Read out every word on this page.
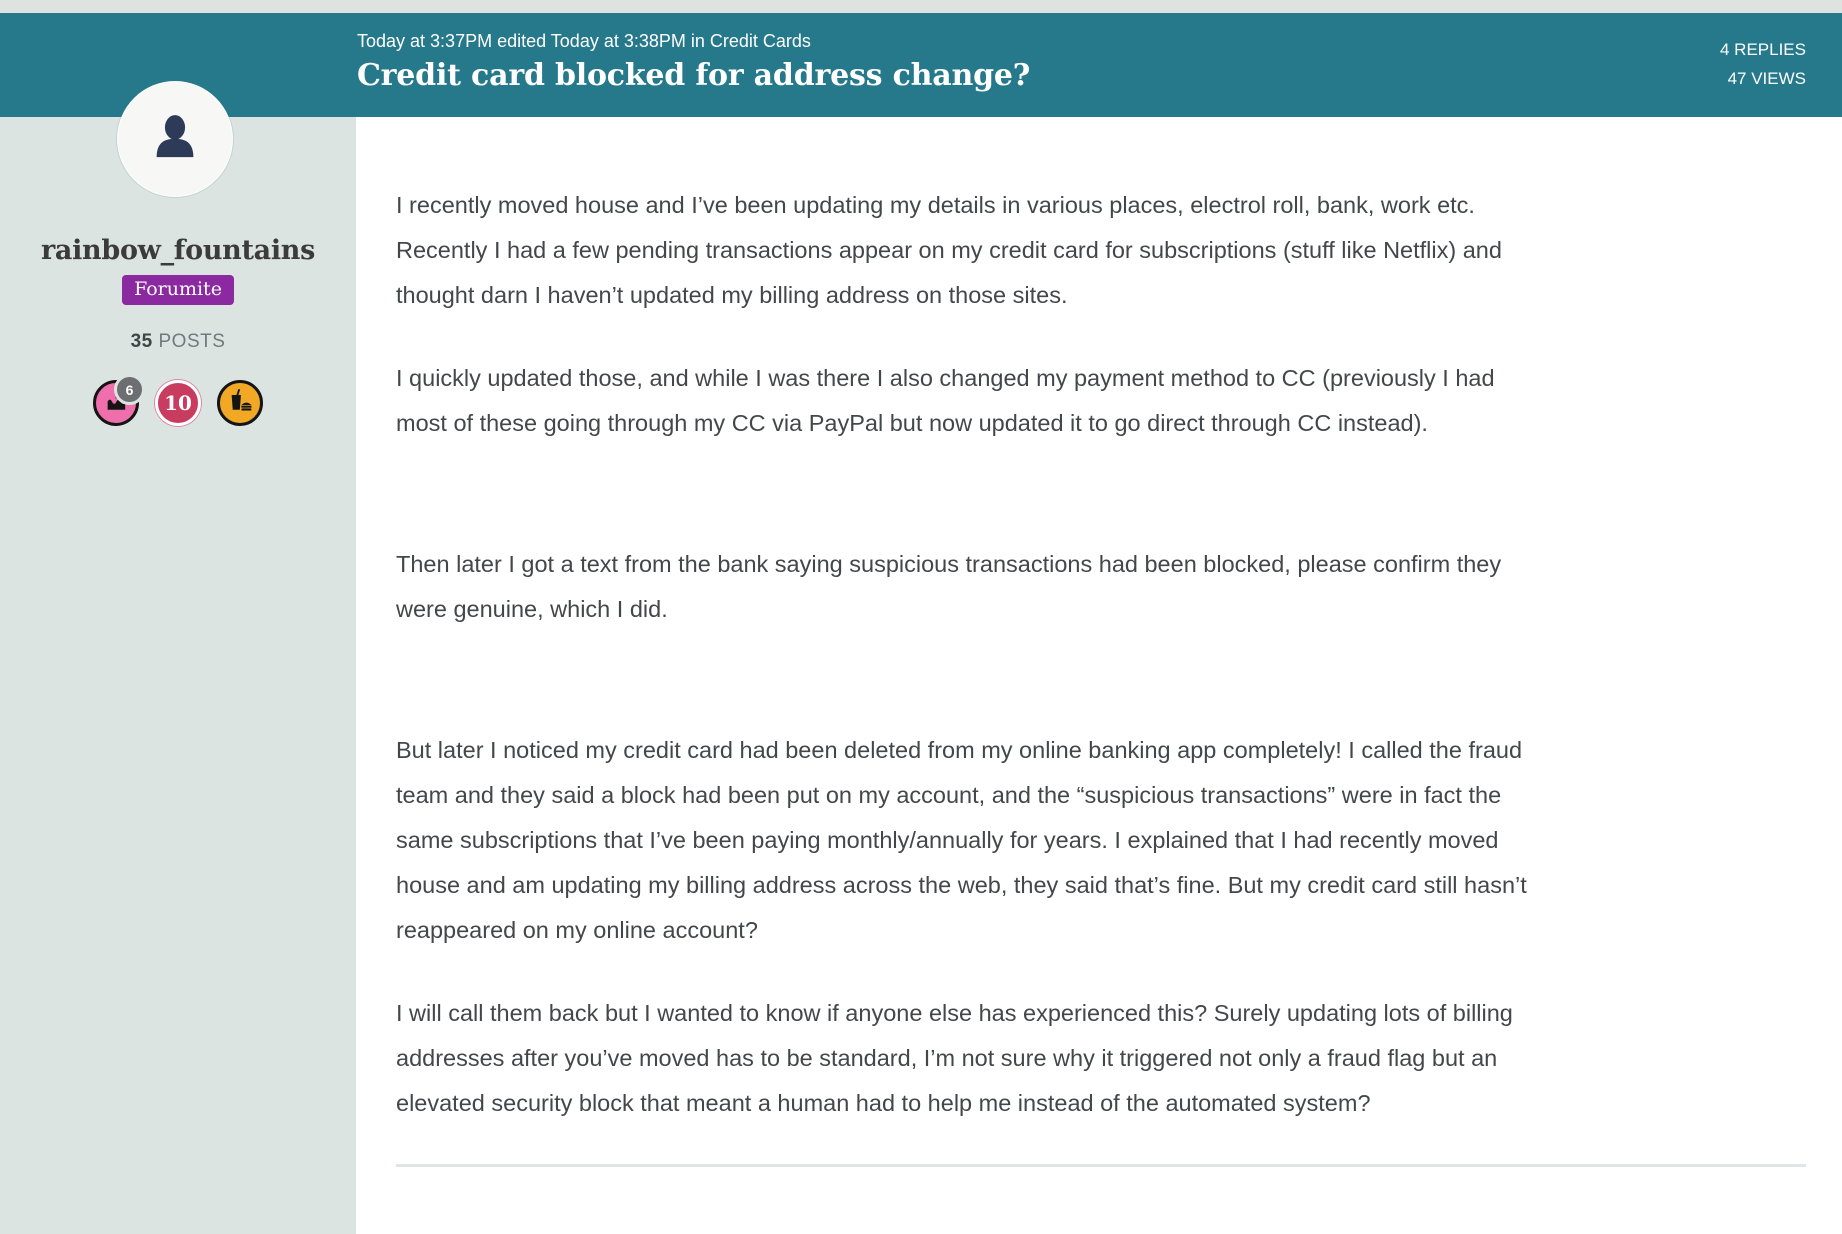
Today at 3:37PM edited Today at 3:38PM in Credit Cards
Credit card blocked for address change?
4 REPLIES
47 VIEWS
rainbow_fountains
Forumite
35 POSTS
6
10

I recently moved house and I’ve been updating my details in various places, electrol roll, bank, work etc. Recently I had a few pending transactions appear on my credit card for subscriptions (stuff like Netflix) and thought darn I haven’t updated my billing address on those sites.

I quickly updated those, and while I was there I also changed my payment method to CC (previously I had most of these going through my CC via PayPal but now updated it to go direct through CC instead).

Then later I got a text from the bank saying suspicious transactions had been blocked, please confirm they were genuine, which I did.

But later I noticed my credit card had been deleted from my online banking app completely! I called the fraud team and they said a block had been put on my account, and the “suspicious transactions” were in fact the same subscriptions that I’ve been paying monthly/annually for years. I explained that I had recently moved house and am updating my billing address across the web, they said that’s fine. But my credit card still hasn’t reappeared on my online account?

I will call them back but I wanted to know if anyone else has experienced this? Surely updating lots of billing addresses after you’ve moved has to be standard, I’m not sure why it triggered not only a fraud flag but an elevated security block that meant a human had to help me instead of the automated system?
